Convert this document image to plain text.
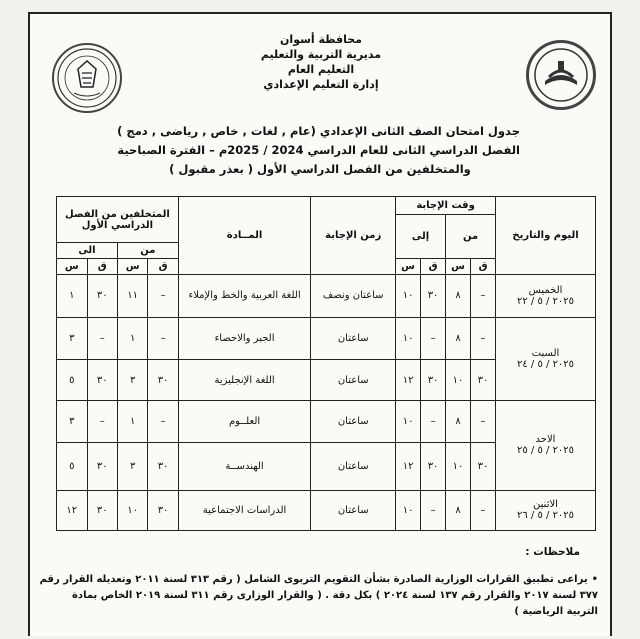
محافظة أسوان
مديرية التربية والتعليم
التعليم العام
إدارة التعليم الإعدادي
جدول امتحان الصف الثانى الإعدادي (عام , لغات , خاص , رياضى , دمج )
الفصل الدراسي الثانى للعام الدراسي 2024 / 2025م – الفترة الصباحية
والمتخلفين من الفصل الدراسي الأول ( بعذر مقبول )
اليوم والتاريخ	وقت الإجابة				زمن الإجابة	المــادة	المتخلفين من الفصل الدراسي الأول			
	من		إلى							
							من		الى	
	ق	س	ق	س			ق	س	ق	س

الخميس
٢٠٢٥ / ٥ / ٢٢	–	٨	٣٠	١٠	ساعتان ونصف	اللغة العربية والخط والإملاء	–	١١	٣٠	١

السبت
٢٠٢٥ / ٥ / ٢٤	–	٨	–	١٠	ساعتان	الجبر والاحصاء	–	١	–	٣
	٣٠	١٠	٣٠	١٢	ساعتان	اللغة الإنجليزية	٣٠	٣	٣٠	٥

الاحد
٢٠٢٥ / ٥ / ٢٥	–	٨	–	١٠	ساعتان	العلــوم	–	١	–	٣
	٣٠	١٠	٣٠	١٢	ساعتان	الهندســة	٣٠	٣	٣٠	٥

الاثنين
٢٠٢٥ / ٥ / ٢٦	–	٨	–	١٠	ساعتان	الدراسات الاجتماعية	٣٠	١٠	٣٠	١٢
ملاحظات :
•يراعى تطبيق القرارات الوزارية الصادرة بشأن التقويم التربوى الشامل ( رقم ٣١٣ لسنة ٢٠١١ وتعديله القرار رقم ٣٧٧ لسنة ٢٠١٧ والقرار رقم ١٣٧ لسنة ٢٠٢٤ ) بكل دقة . ( والقرار الوزارى رقم ٣١١ لسنة ٢٠١٩ الخاص بمادة التربية الرياضية )
